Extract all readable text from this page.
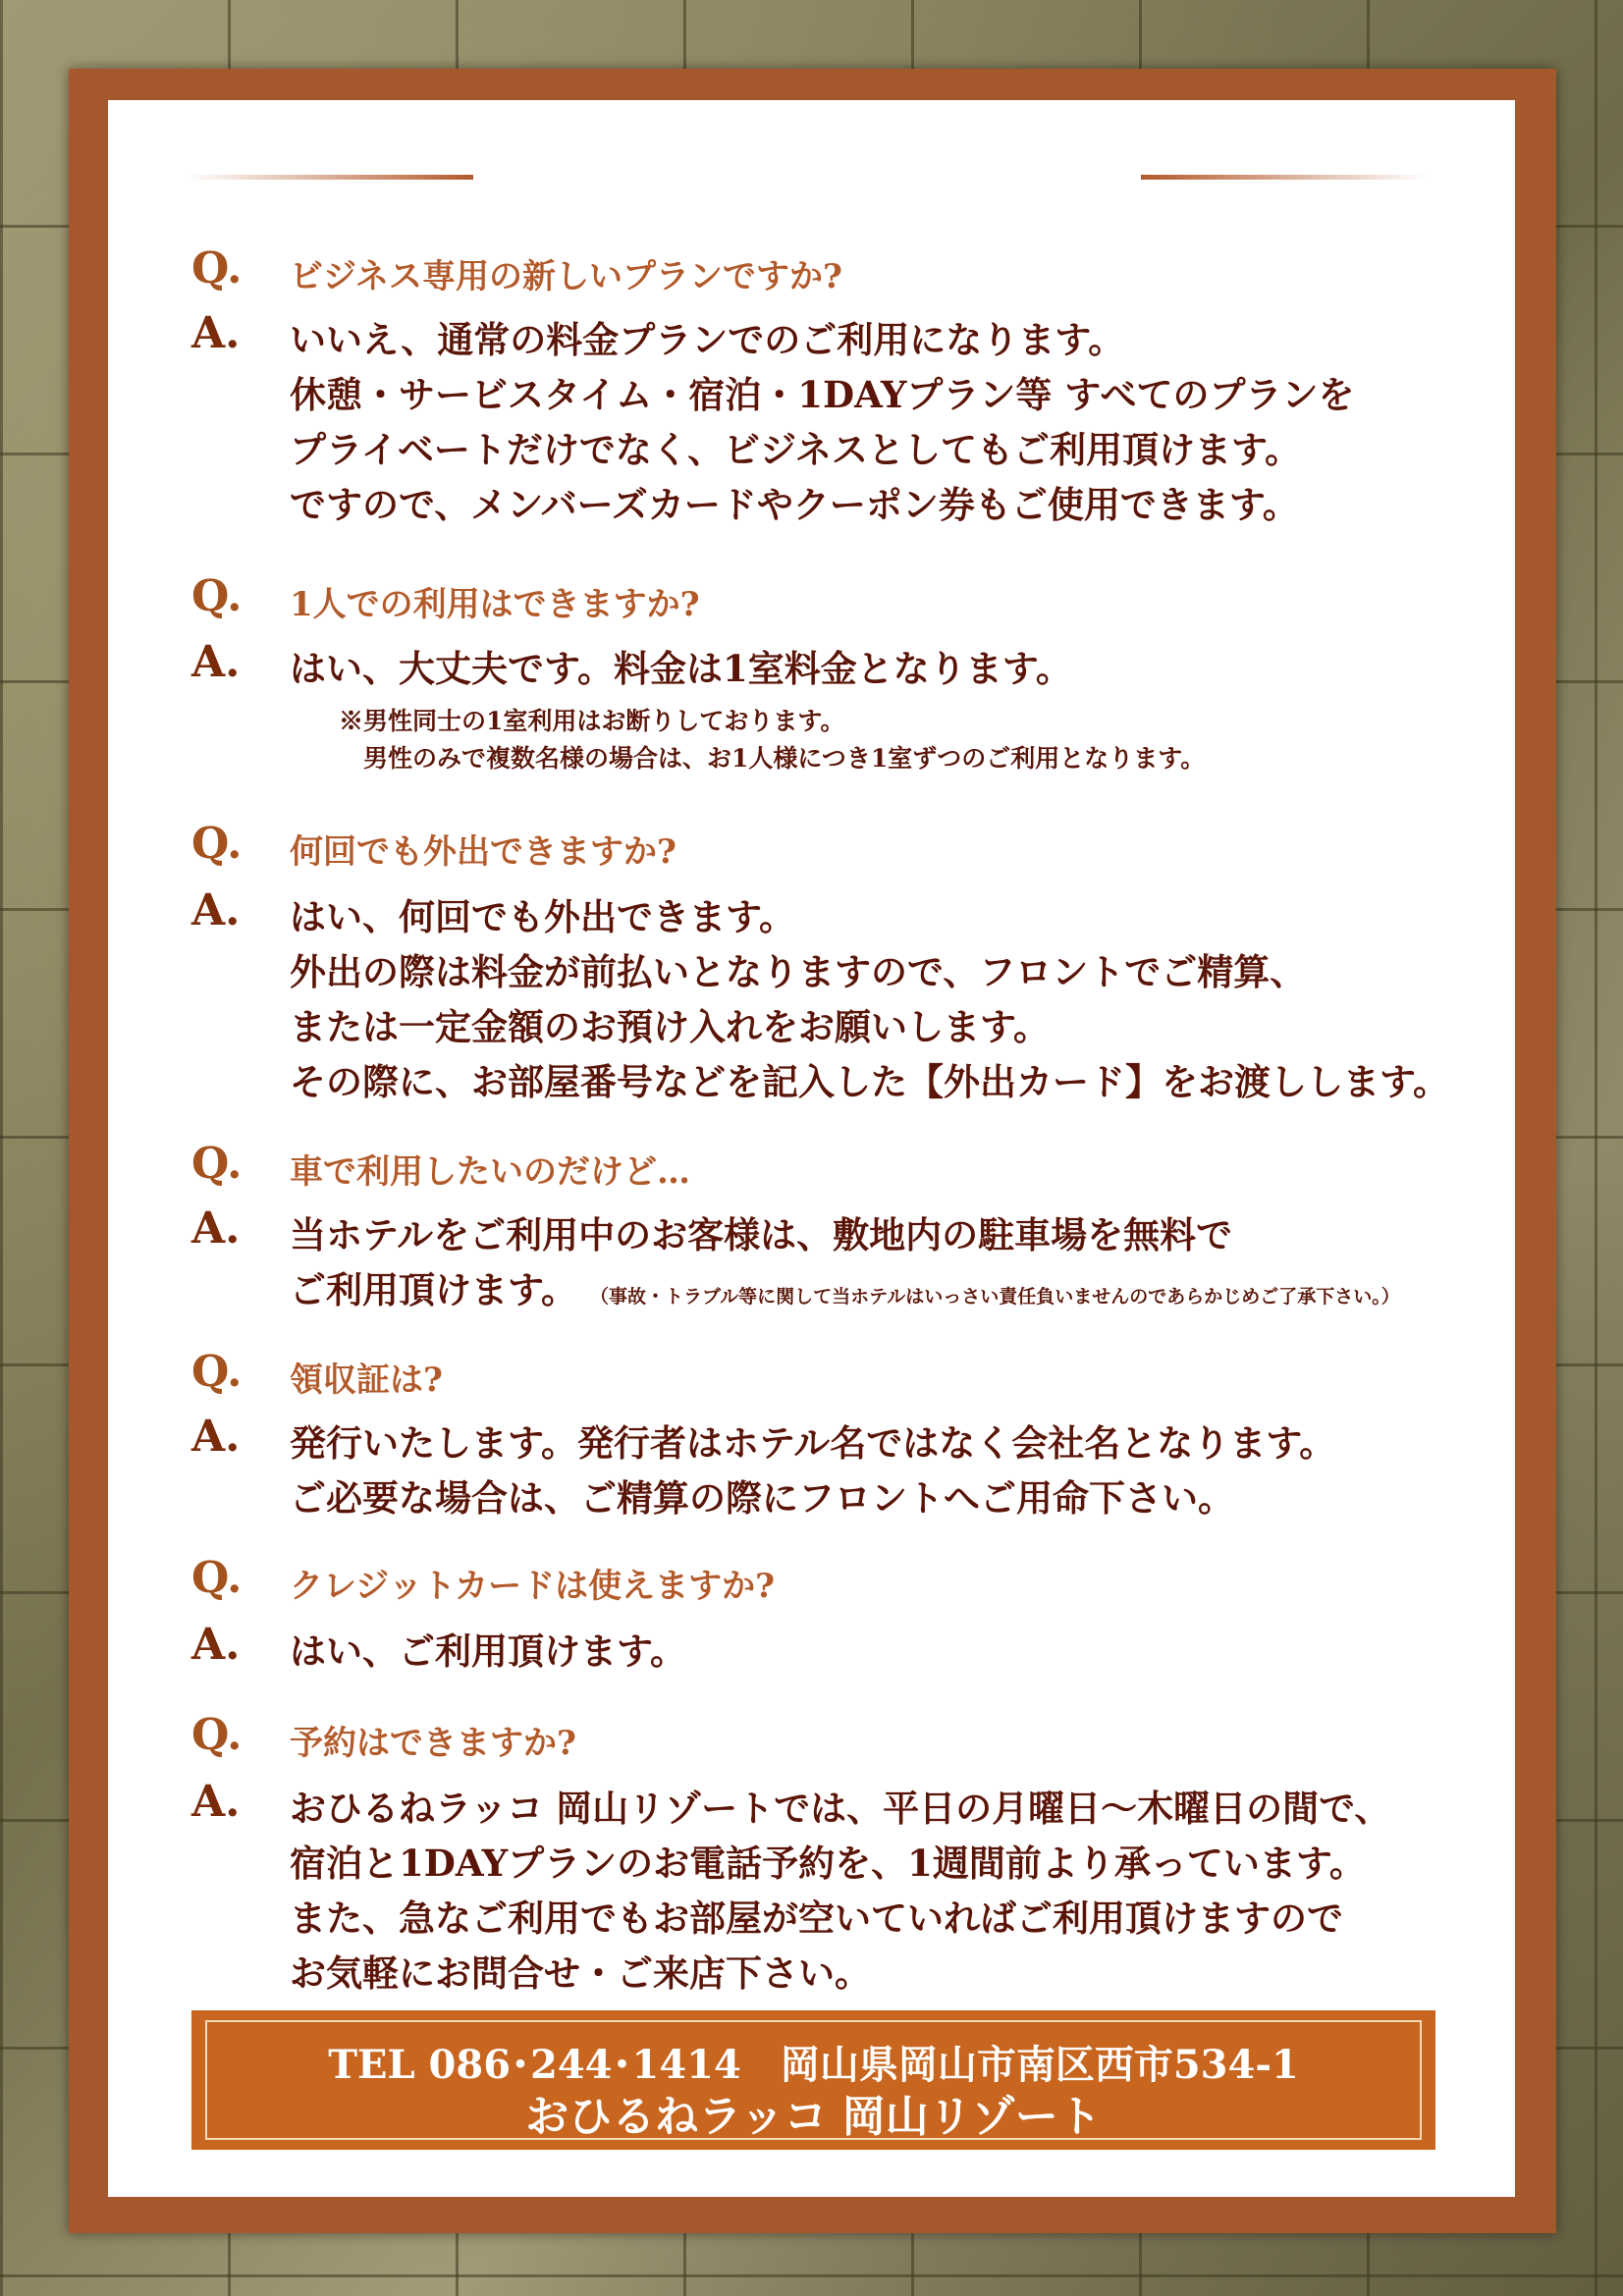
Q. ビジネス専用の新しいプランですか?
A. いいえ、通常の料金プランでのご利用になります。
休憩・サービスタイム・宿泊・1DAYプラン等 すべてのプランを
プライベートだけでなく、ビジネスとしてもご利用頂けます。
ですので、メンバーズカードやクーポン券もご使用できます。
Q. 1人での利用はできますか?
A. はい、大丈夫です。料金は1室料金となります。
※男性同士の1室利用はお断りしております。
　男性のみで複数名様の場合は、お1人様につき1室ずつのご利用となります。
Q. 何回でも外出できますか?
A. はい、何回でも外出できます。
外出の際は料金が前払いとなりますので、フロントでご精算、
または一定金額のお預け入れをお願いします。
その際に、お部屋番号などを記入した【外出カード】をお渡しします。
Q. 車で利用したいのだけど…
A. 当ホテルをご利用中のお客様は、敷地内の駐車場を無料で
ご利用頂けます。 （事故・トラブル等に関して当ホテルはいっさい責任負いませんのであらかじめご了承下さい。）
Q. 領収証は?
A. 発行いたします。発行者はホテル名ではなく会社名となります。
ご必要な場合は、ご精算の際にフロントへご用命下さい。
Q. クレジットカードは使えますか?
A. はい、ご利用頂けます。
Q. 予約はできますか?
A. おひるねラッコ 岡山リゾートでは、平日の月曜日～木曜日の間で、
宿泊と1DAYプランのお電話予約を、1週間前より承っています。
また、急なご利用でもお部屋が空いていればご利用頂けますので
お気軽にお問合せ・ご来店下さい。
TEL 086･244･1414　岡山県岡山市南区西市534-1
おひるねラッコ 岡山リゾート
